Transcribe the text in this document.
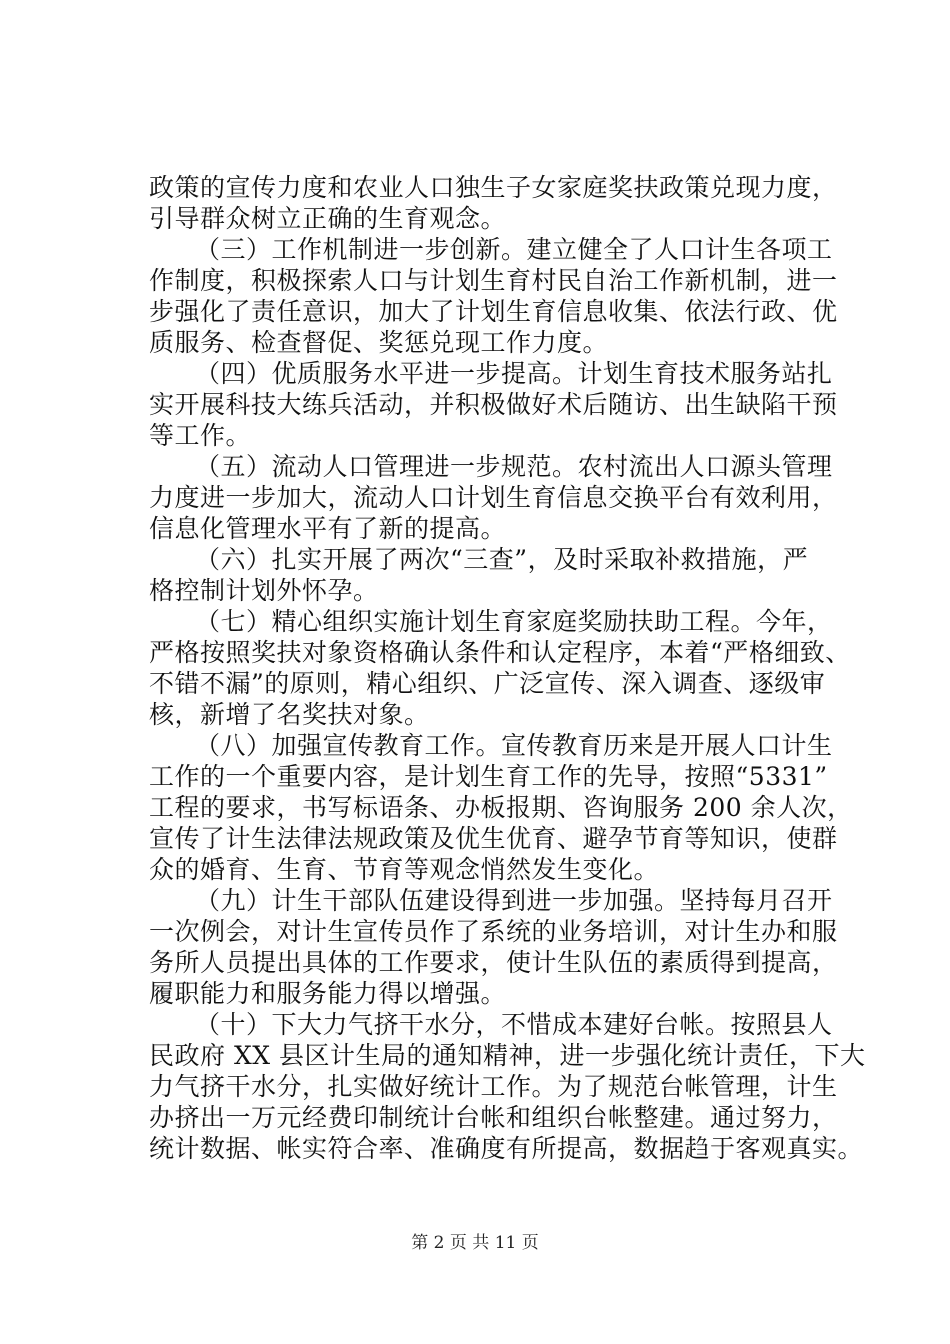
政策的宣传力度和农业人口独生子女家庭奖扶政策兑现力度，
引导群众树立正确的生育观念。
（三）工作机制进一步创新。建立健全了人口计生各项工
作制度，积极探索人口与计划生育村民自治工作新机制，进一
步强化了责任意识，加大了计划生育信息收集、依法行政、优
质服务、检查督促、奖惩兑现工作力度。
（四）优质服务水平进一步提高。计划生育技术服务站扎
实开展科技大练兵活动，并积极做好术后随访、出生缺陷干预
等工作。
（五）流动人口管理进一步规范。农村流出人口源头管理
力度进一步加大，流动人口计划生育信息交换平台有效利用，
信息化管理水平有了新的提高。
（六）扎实开展了两次“三查”，及时采取补救措施，严
格控制计划外怀孕。
（七）精心组织实施计划生育家庭奖励扶助工程。今年，
严格按照奖扶对象资格确认条件和认定程序，本着“严格细致、
不错不漏”的原则，精心组织、广泛宣传、深入调查、逐级审
核，新增了名奖扶对象。
（八）加强宣传教育工作。宣传教育历来是开展人口计生
工作的一个重要内容，是计划生育工作的先导，按照“5331”
工程的要求，书写标语条、办板报期、咨询服务 200 余人次，
宣传了计生法律法规政策及优生优育、避孕节育等知识，使群
众的婚育、生育、节育等观念悄然发生变化。
（九）计生干部队伍建设得到进一步加强。坚持每月召开
一次例会，对计生宣传员作了系统的业务培训，对计生办和服
务所人员提出具体的工作要求，使计生队伍的素质得到提高，
履职能力和服务能力得以增强。
（十）下大力气挤干水分，不惜成本建好台帐。按照县人
民政府 XX 县区计生局的通知精神，进一步强化统计责任，下大
力气挤干水分，扎实做好统计工作。为了规范台帐管理，计生
办挤出一万元经费印制统计台帐和组织台帐整建。通过努力，
统计数据、帐实符合率、准确度有所提高，数据趋于客观真实。
第 2 页 共 11 页
